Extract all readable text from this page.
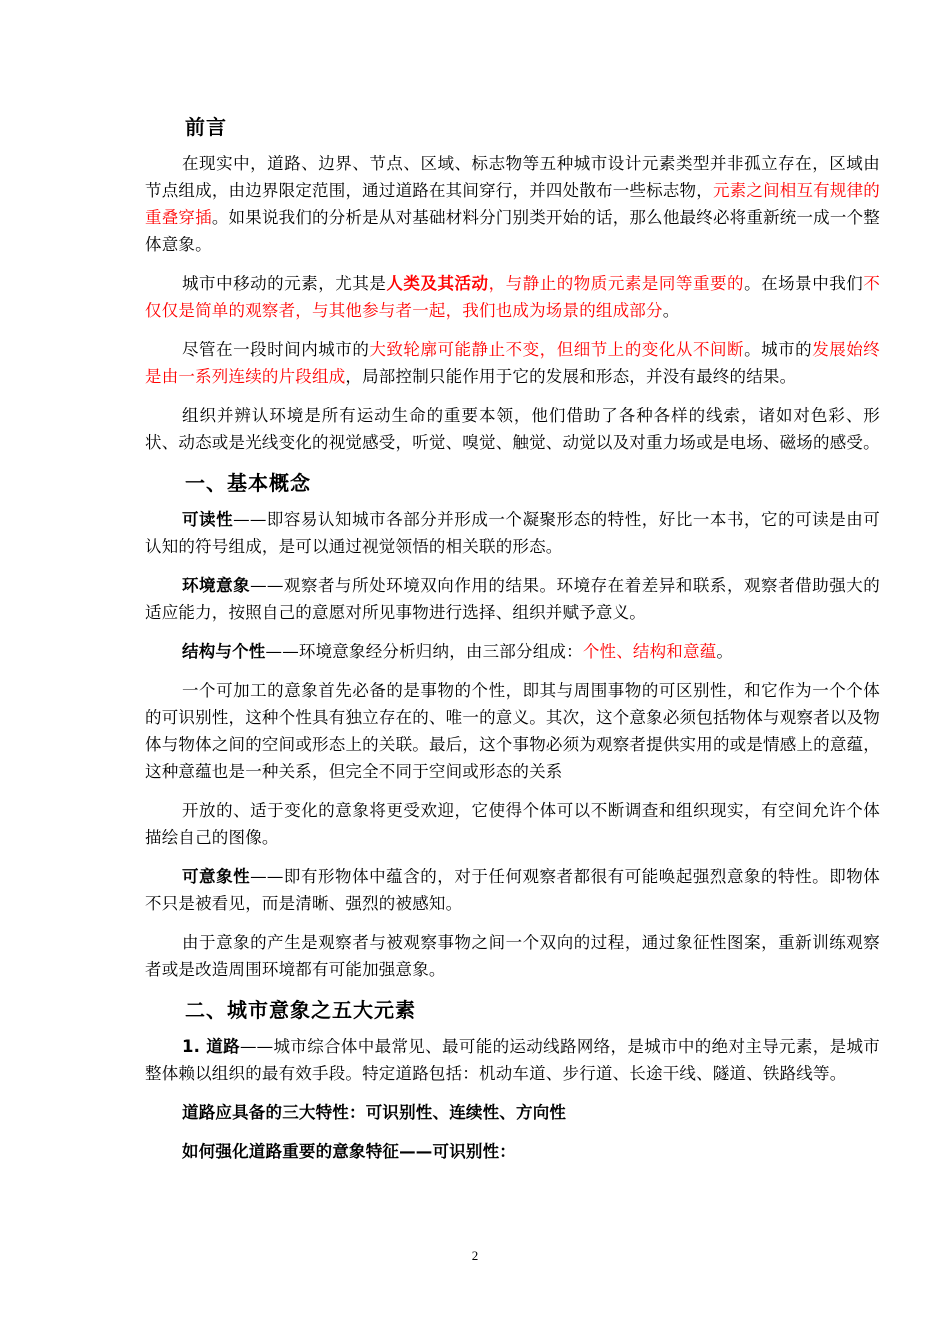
前言

在现实中，道路、边界、节点、区域、标志物等五种城市设计元素类型并非孤立存在，区域由节点组成，由边界限定范围，通过道路在其间穿行，并四处散布一些标志物，元素之间相互有规律的重叠穿插。如果说我们的分析是从对基础材料分门别类开始的话，那么他最终必将重新统一成一个整体意象。

城市中移动的元素，尤其是人类及其活动，与静止的物质元素是同等重要的。在场景中我们不仅仅是简单的观察者，与其他参与者一起，我们也成为场景的组成部分。

尽管在一段时间内城市的大致轮廓可能静止不变，但细节上的变化从不间断。城市的发展始终是由一系列连续的片段组成，局部控制只能作用于它的发展和形态，并没有最终的结果。

组织并辨认环境是所有运动生命的重要本领，他们借助了各种各样的线索，诸如对色彩、形状、动态或是光线变化的视觉感受，听觉、嗅觉、触觉、动觉以及对重力场或是电场、磁场的感受。

一、基本概念

可读性——即容易认知城市各部分并形成一个凝聚形态的特性，好比一本书，它的可读是由可认知的符号组成，是可以通过视觉领悟的相关联的形态。

环境意象——观察者与所处环境双向作用的结果。环境存在着差异和联系，观察者借助强大的适应能力，按照自己的意愿对所见事物进行选择、组织并赋予意义。

结构与个性——环境意象经分析归纳，由三部分组成：个性、结构和意蕴。

一个可加工的意象首先必备的是事物的个性，即其与周围事物的可区别性，和它作为一个个体的可识别性，这种个性具有独立存在的、唯一的意义。其次，这个意象必须包括物体与观察者以及物体与物体之间的空间或形态上的关联。最后，这个事物必须为观察者提供实用的或是情感上的意蕴，这种意蕴也是一种关系，但完全不同于空间或形态的关系

开放的、适于变化的意象将更受欢迎，它使得个体可以不断调查和组织现实，有空间允许个体描绘自己的图像。

可意象性——即有形物体中蕴含的，对于任何观察者都很有可能唤起强烈意象的特性。即物体不只是被看见，而是清晰、强烈的被感知。

由于意象的产生是观察者与被观察事物之间一个双向的过程，通过象征性图案，重新训练观察者或是改造周围环境都有可能加强意象。

二、城市意象之五大元素

1. 道路——城市综合体中最常见、最可能的运动线路网络，是城市中的绝对主导元素，是城市整体赖以组织的最有效手段。特定道路包括：机动车道、步行道、长途干线、隧道、铁路线等。

道路应具备的三大特性：可识别性、连续性、方向性

如何强化道路重要的意象特征——可识别性：

2
